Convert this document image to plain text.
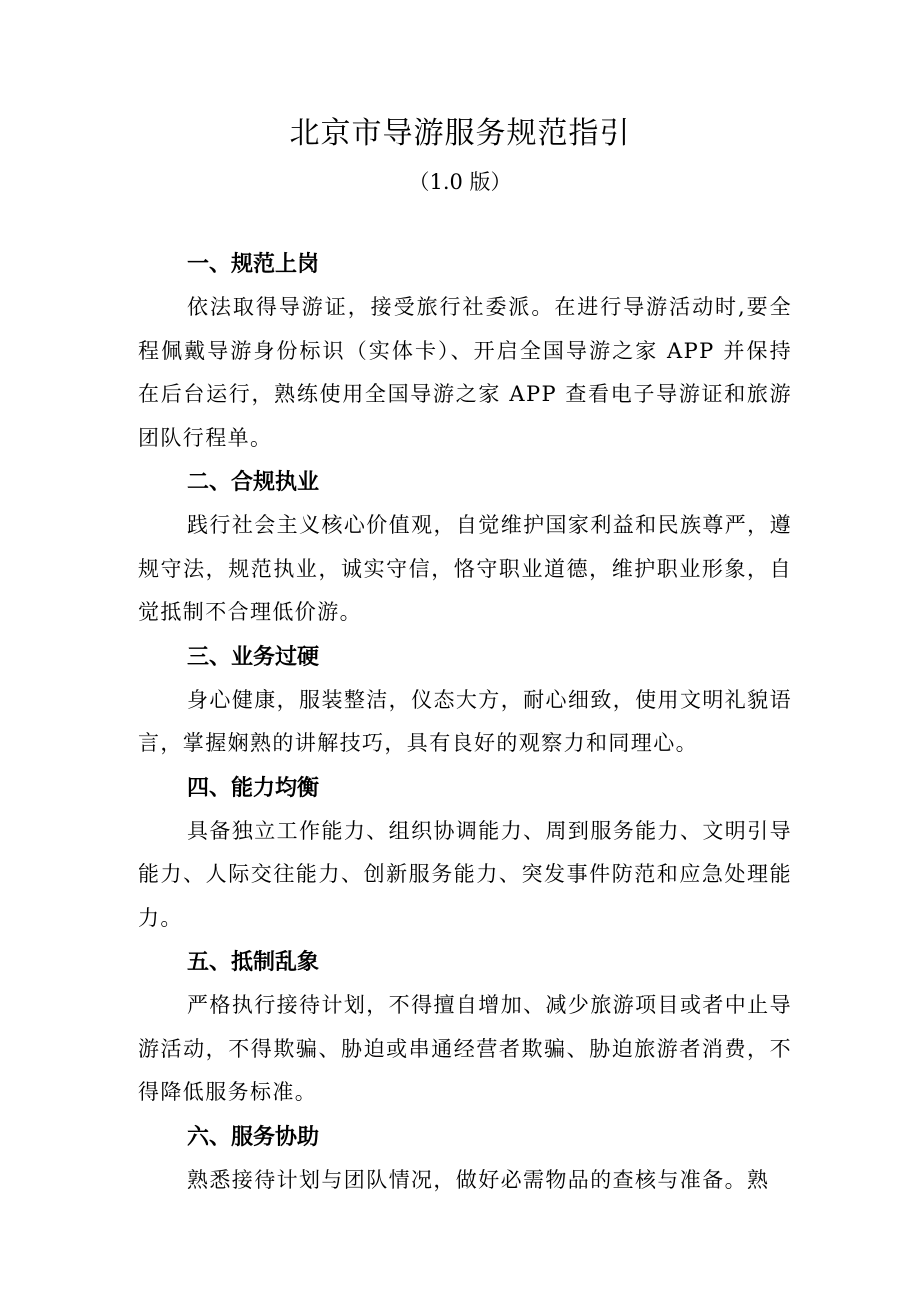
北京市导游服务规范指引
（1.0 版）
一、规范上岗

依法取得导游证，接受旅行社委派。在进行导游活动时,要全程佩戴导游身份标识（实体卡）、开启全国导游之家 APP 并保持在后台运行，熟练使用全国导游之家 APP 查看电子导游证和旅游团队行程单。

二、合规执业

践行社会主义核心价值观，自觉维护国家利益和民族尊严，遵规守法，规范执业，诚实守信，恪守职业道德，维护职业形象，自觉抵制不合理低价游。

三、业务过硬

身心健康，服装整洁，仪态大方，耐心细致，使用文明礼貌语言，掌握娴熟的讲解技巧，具有良好的观察力和同理心。

四、能力均衡

具备独立工作能力、组织协调能力、周到服务能力、文明引导能力、人际交往能力、创新服务能力、突发事件防范和应急处理能力。

五、抵制乱象

严格执行接待计划，不得擅自增加、减少旅游项目或者中止导游活动，不得欺骗、胁迫或串通经营者欺骗、胁迫旅游者消费，不得降低服务标准。

六、服务协助

熟悉接待计划与团队情况，做好必需物品的查核与准备。熟
